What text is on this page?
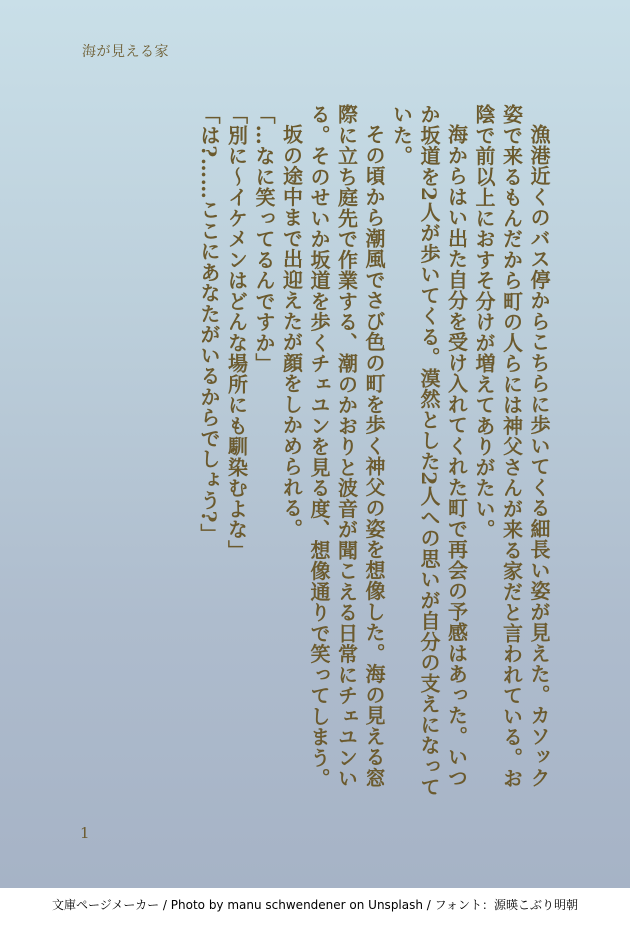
海が見える家

漁港近くのバス停からこちらに歩いてくる細長い姿が見えた。カソック姿で来るもんだから町の人らには神父さんが来る家だと言われている。お陰で前以上におすそ分けが増えてありがたい。

海からはい出た自分を受け入れてくれた町で再会の予感はあった。いつか坂道を2人が歩いてくる。漠然とした2人への思いが自分の支えになっていた。

その頃から潮風でさび色の町を歩く神父の姿を想像した。海の見える窓際に立ち庭先で作業する、潮のかおりと波音が聞こえる日常にチェユンいる。そのせいか坂道を歩くチェユンを見る度、想像通りで笑ってしまう。

坂の途中まで出迎えたが顔をしかめられる。

「…なに笑ってるんですか」

「別に〜イケメンはどんな場所にも馴染むよな」

「は?……ここにあなたがいるからでしょう?」

1
文庫ページメーカー / Photo by manu schwendener on Unsplash / フォント：源暎こぶり明朝
